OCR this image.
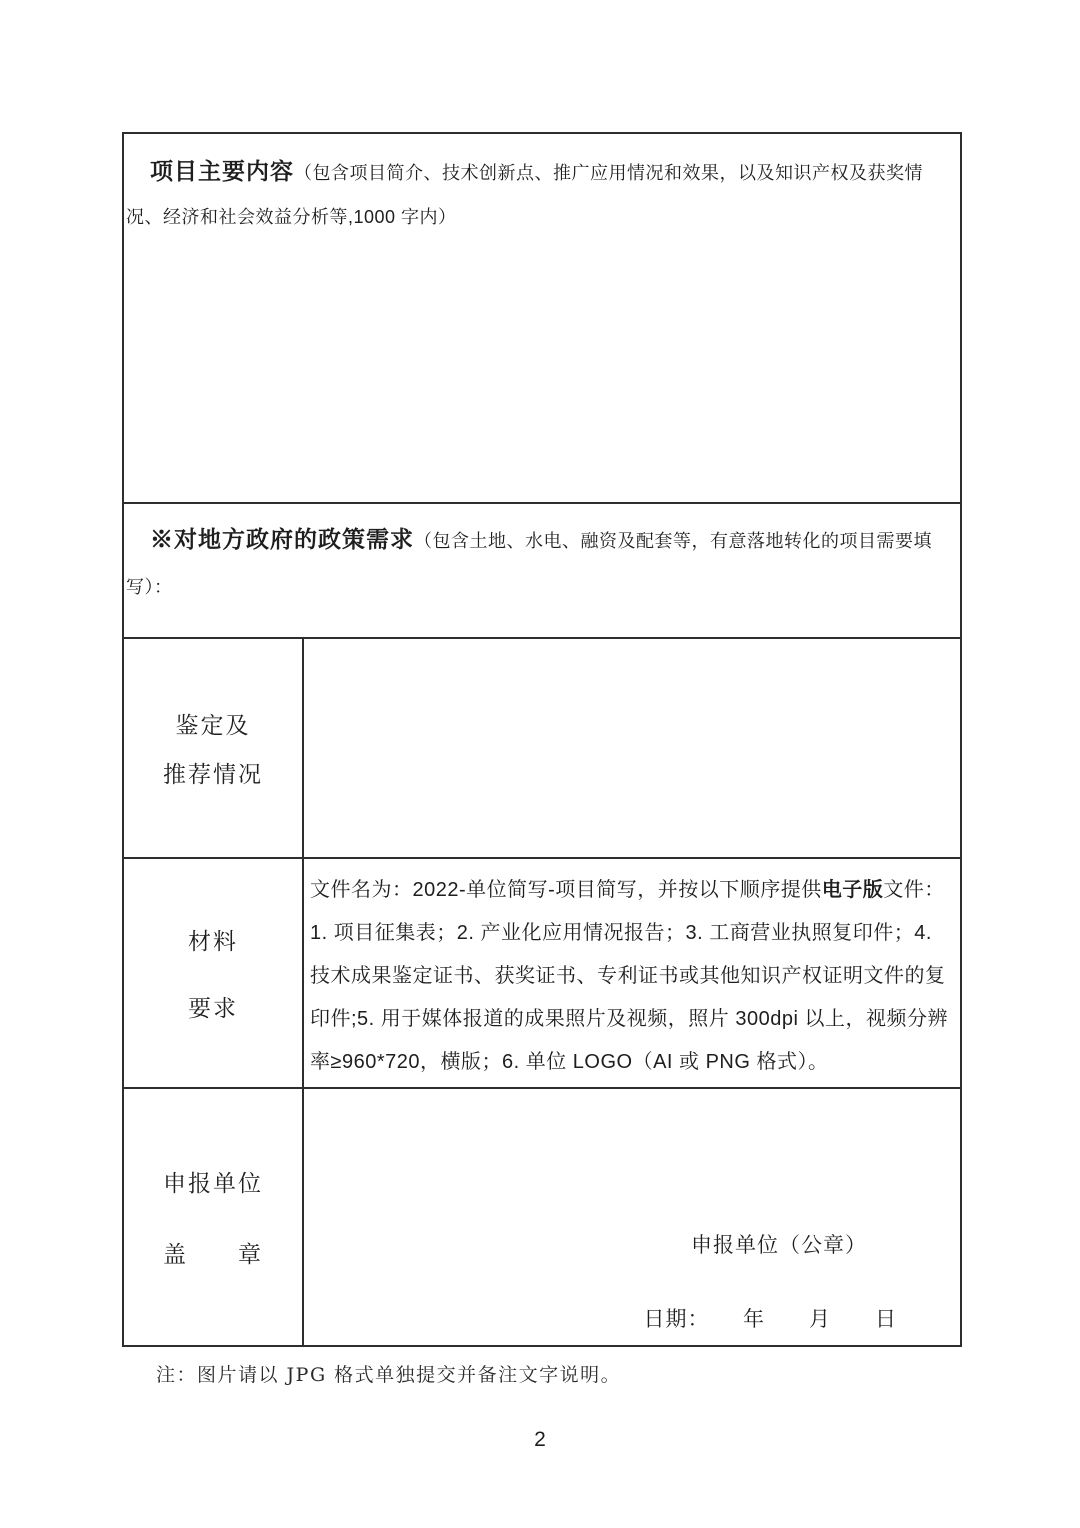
项目主要内容（包含项目简介、技术创新点、推广应用情况和效果，以及知识产权及获奖情况、经济和社会效益分析等,1000 字内）
※对地方政府的政策需求（包含土地、水电、融资及配套等，有意落地转化的项目需要填写）：
鉴定及
推荐情况
材料
要求
文件名为：2022-单位简写-项目简写，并按以下顺序提供电子版文件：1. 项目征集表；2. 产业化应用情况报告；3. 工商营业执照复印件；4. 技术成果鉴定证书、获奖证书、专利证书或其他知识产权证明文件的复印件;5. 用于媒体报道的成果照片及视频，照片 300dpi 以上，视频分辨率≥960*720，横版；6. 单位 LOGO（AI 或 PNG 格式）。
申报单位
盖　　章	申报单位（公章）
日期：　　年　　月　　日
注：图片请以 JPG 格式单独提交并备注文字说明。
2
